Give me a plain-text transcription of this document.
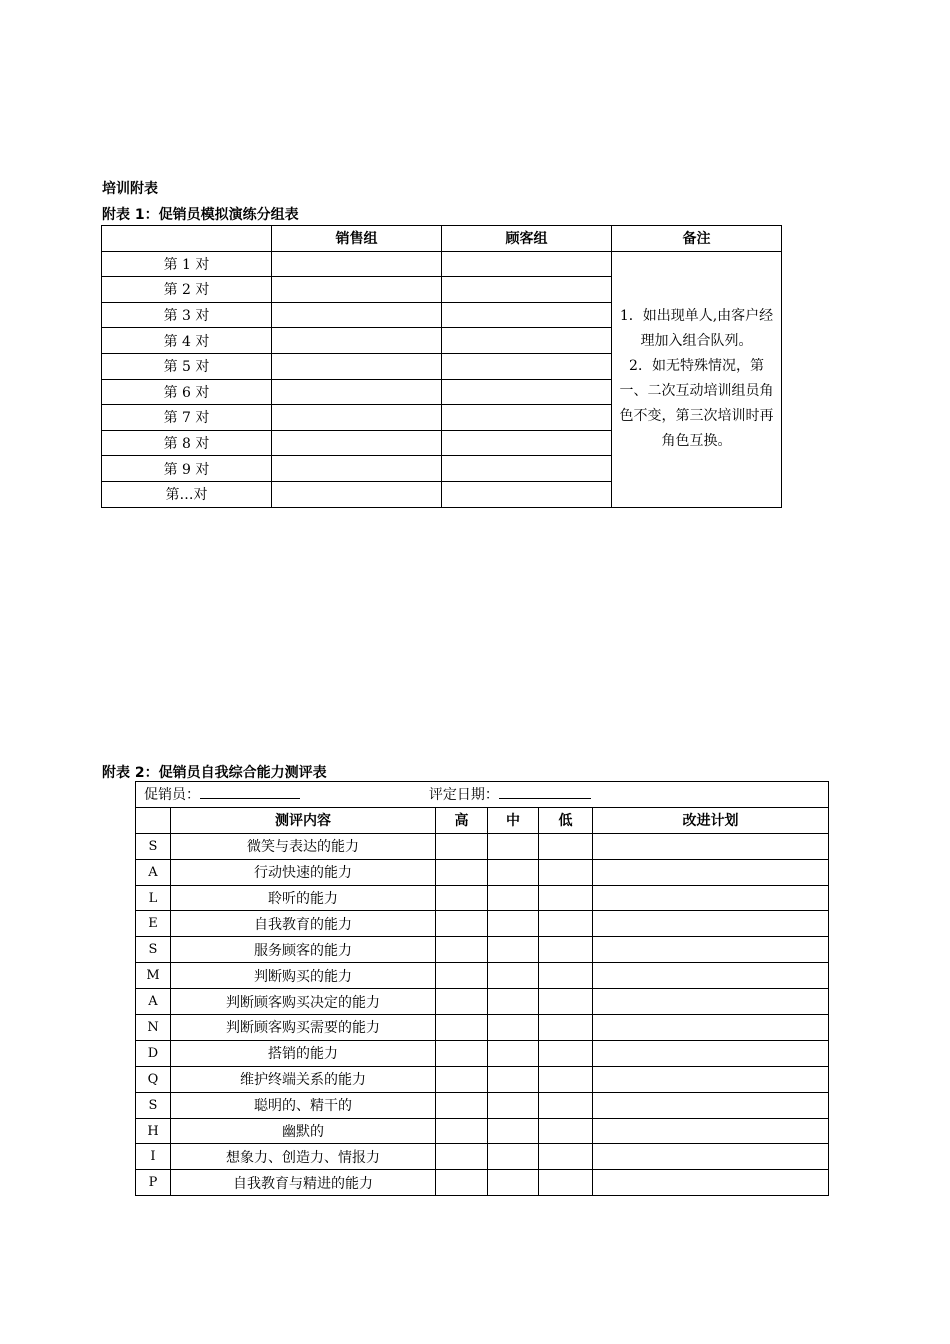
培训附表
附表 1：促销员模拟演练分组表
	销售组	顾客组	备注
第 1 对			1．如出现单人,由客户经理加入组合队列。
2．如无特殊情况，第一、二次互动培训组员角色不变，第三次培训时再角色互换。

第 2 对			
第 3 对			
第 4 对			
第 5 对			
第 6 对			
第 7 对			
第 8 对			
第 9 对			
第…对			
附表 2：促销员自我综合能力测评表
促销员： 评定日期：					
	测评内容	高	中	低	改进计划
S	微笑与表达的能力				
A	行动快速的能力				
L	聆听的能力				
E	自我教育的能力				
S	服务顾客的能力				
M	判断购买的能力				
A	判断顾客购买决定的能力				
N	判断顾客购买需要的能力				
D	搭销的能力				
Q	维护终端关系的能力				
S	聪明的、精干的				
H	幽默的				
I	想象力、创造力、情报力				
P	自我教育与精进的能力				
